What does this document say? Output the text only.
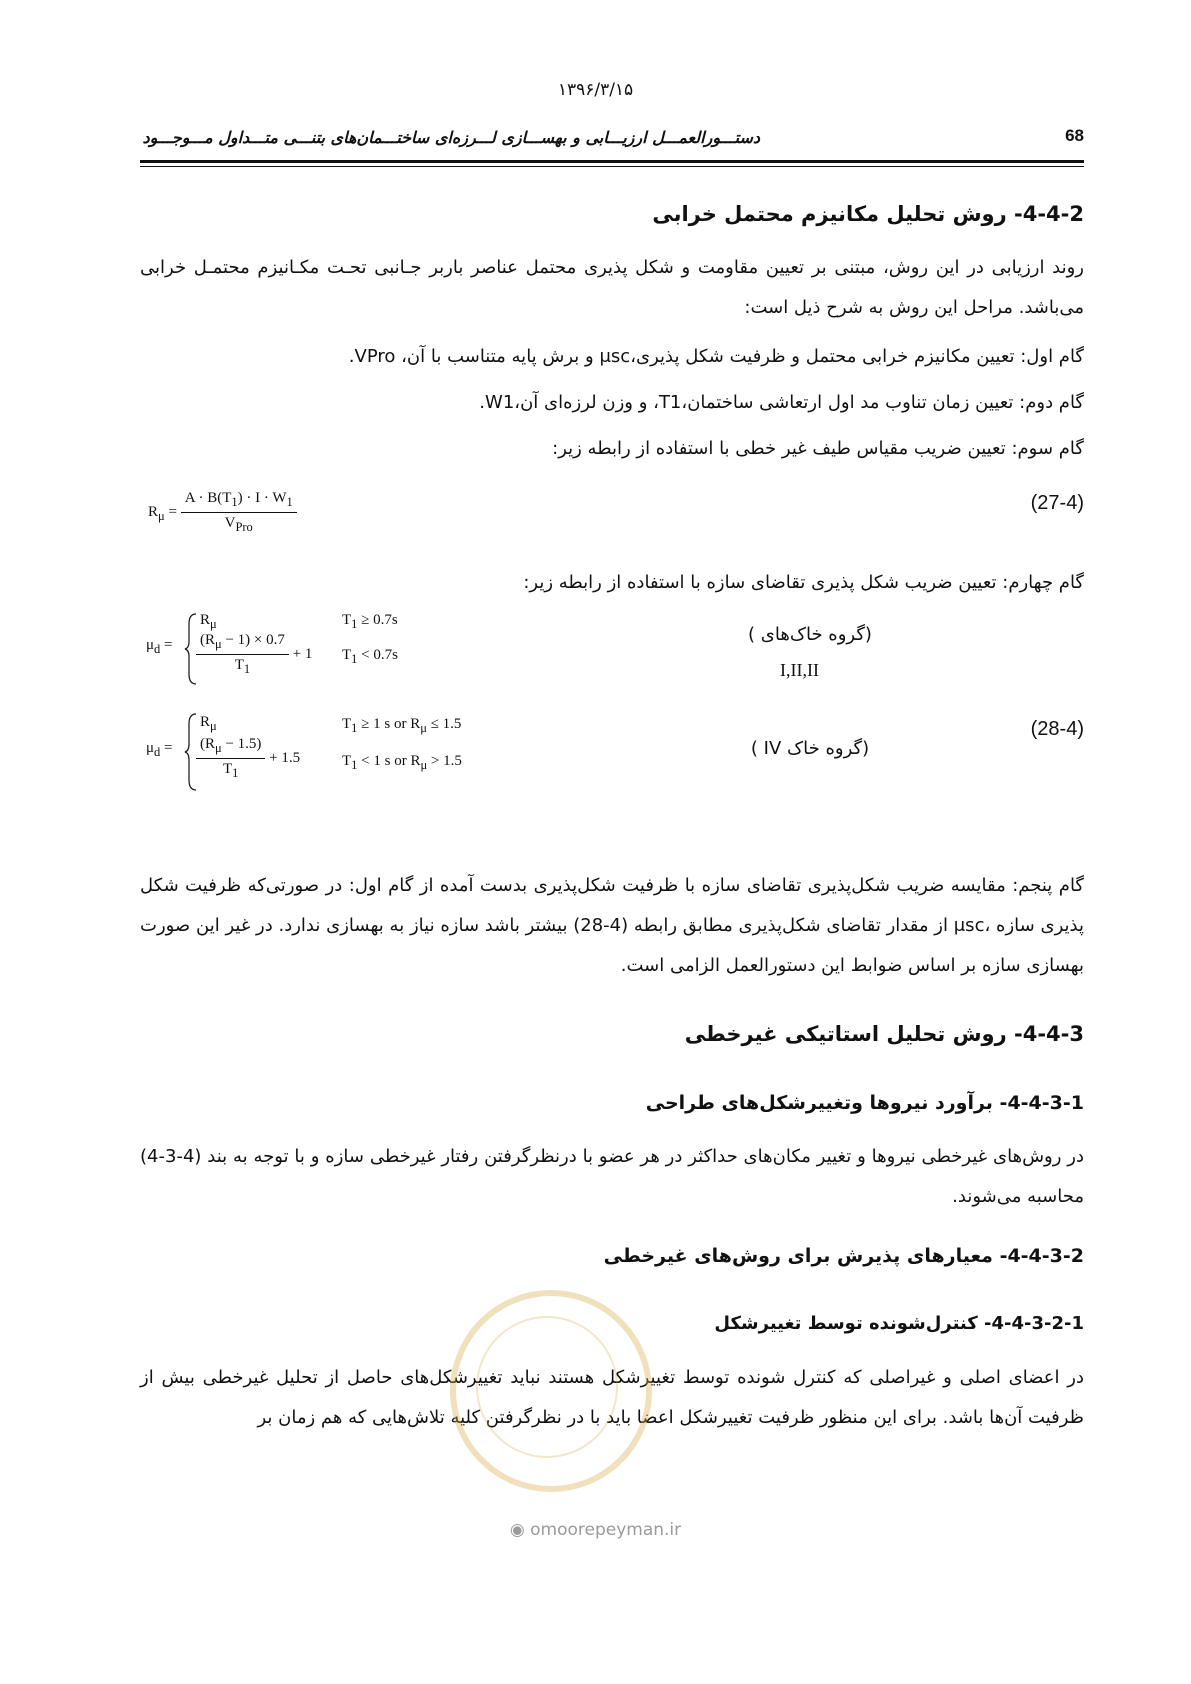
۱۳۹۶/۳/۱۵
دستـــورالعمـــل ارزیـــابی و بهســـازی لـــرزه‌ای ساختـــمان‌های بتنـــی متـــداول مـــوجـــود	68
4-4-2- روش تحلیل مکانیزم محتمل خرابی
روند ارزیابی در این روش، مبتنی بر تعیین مقاومت و شکل پذیری محتمل عناصر باربر جـانبی تحـت مکـانیزم محتمـل خرابی می‌باشد. مراحل این روش به شرح ذیل است:
گام اول: تعیین مکانیزم خرابی محتمل و ظرفیت شکل پذیری،μsc و برش پایه متناسب با آن، VPro.
گام دوم: تعیین زمان تناوب مد اول ارتعاشی ساختمان،T1، و وزن لرزه‌ای آن،W1.
گام سوم: تعیین ضریب مقیاس طیف غیر خطی با استفاده از رابطه زیر:
$R_\mu = \frac{A \cdot B(T_1) \cdot I \cdot W_1}{V_{Pro}}$	(27-4)
گام چهارم: تعیین ضریب شکل پذیری تقاضای سازه با استفاده از رابطه زیر:
$\mu_d$ =
$R_\mu$
$\frac{(R_\mu - 1) \times 0.7}{T_1} + 1$
$T_1 \ge 0.7s$
$T_1 < 0.7s$
(گروه خاک‌های )
I,II,II
$\mu_d$ =
$R_\mu$
$\frac{(R_\mu - 1.5)}{T_1} + 1.5$
$T_1 \ge 1$ s or $R_\mu \le 1.5$
$T_1 < 1$ s or $R_\mu > 1.5$
(گروه خاک IV )
(28-4)
گام پنجم: مقایسه ضریب شکل‌پذیری تقاضای سازه با ظرفیت شکل‌پذیری بدست آمده از گام اول: در صورتی‌که ظرفیت شکل پذیری سازه ،μsc از مقدار تقاضای شکل‌پذیری مطابق رابطه (4-28) بیشتر باشد سازه نیاز به بهسازی ندارد. در غیر این صورت بهسازی سازه بر اساس ضوابط این دستورالعمل الزامی است.
4-4-3- روش تحلیل استاتیکی غیرخطی
4-4-3-1- برآورد نیروها وتغییرشکل‌های طراحی
در روش‌های غیرخطی نیروها و تغییر مکان‌های حداکثر در هر عضو با درنظرگرفتن رفتار غیرخطی سازه و با توجه به بند (4-3-4) محاسبه می‌شوند.
4-4-3-2- معیارهای پذیرش برای روش‌های غیرخطی
4-4-3-2-1- کنترل‌شونده توسط تغییرشکل
در اعضای اصلی و غیراصلی که کنترل شونده توسط تغییرشکل هستند نباید تغییرشکل‌های حاصل از تحلیل غیرخطی بیش از ظرفیت آن‌ها باشد. برای این منظور ظرفیت تغییرشکل اعضا باید با در نظرگرفتن کلیه تلاش‌هایی که هم زمان بر
◉ omoorepeyman.ir
